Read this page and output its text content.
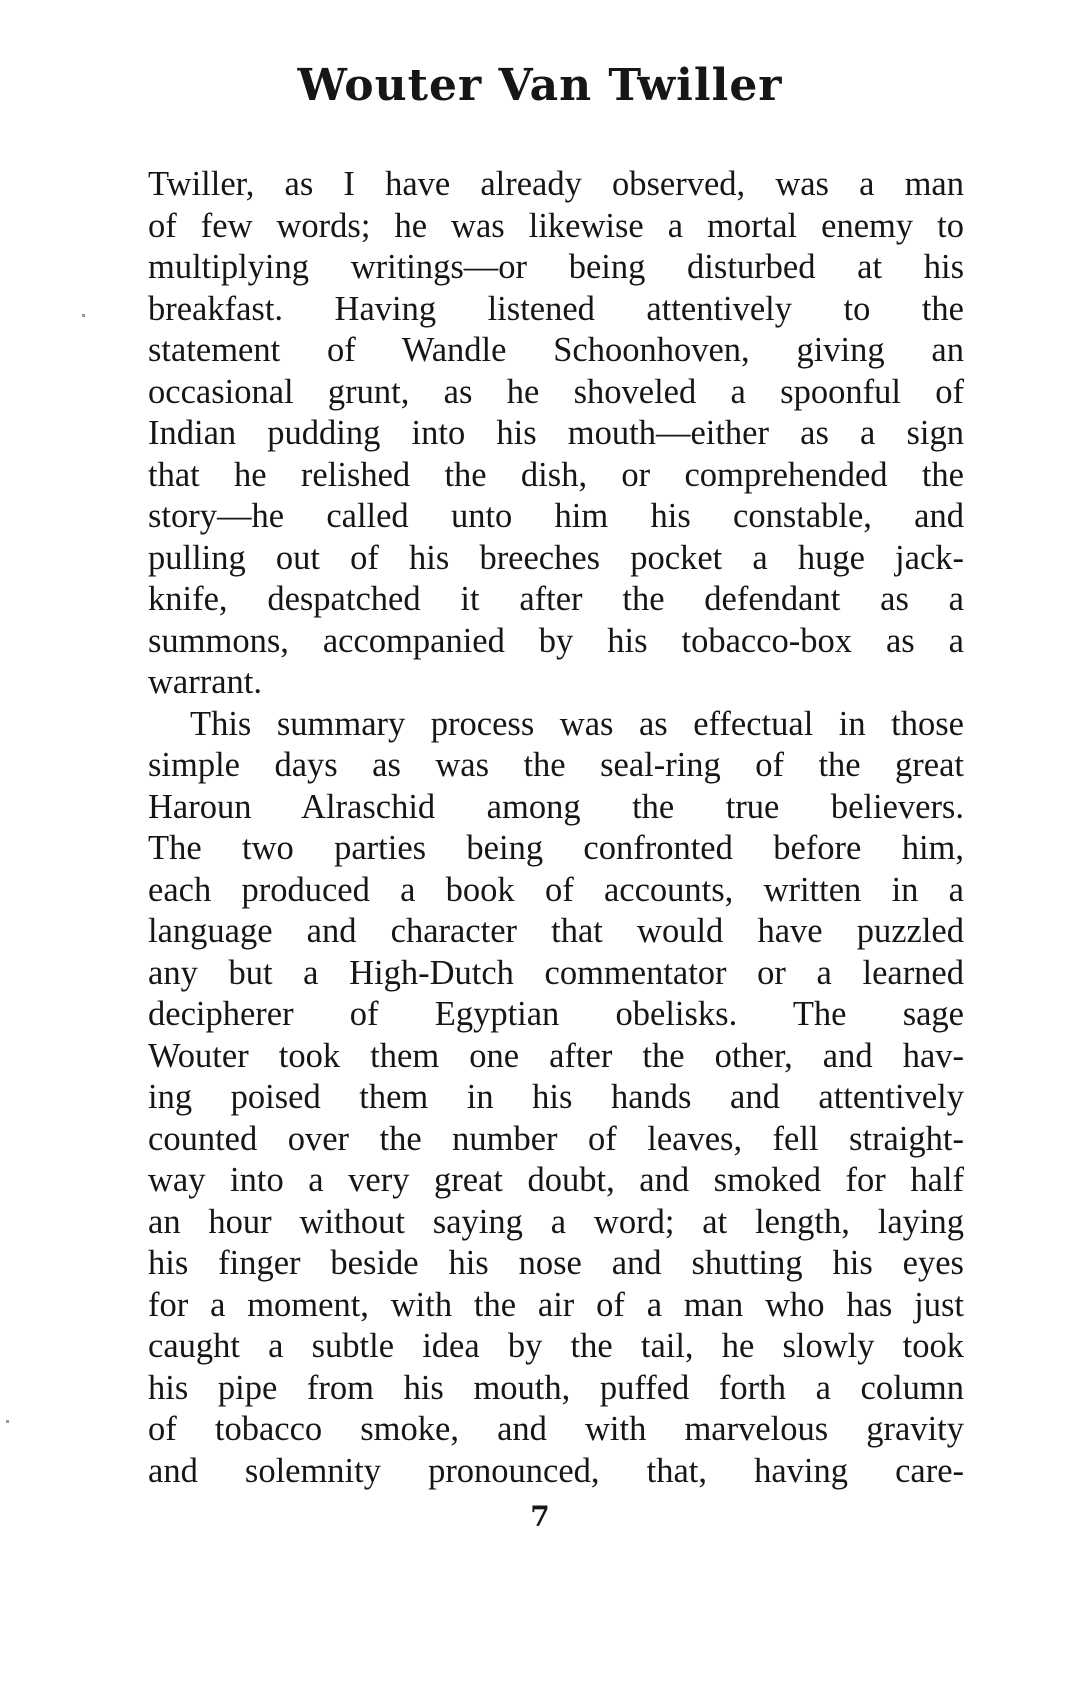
Wouter Van Twiller
Twiller, as I have already observed, was a man
of few words; he was likewise a mortal enemy to
multiplying writings—or being disturbed at his
breakfast. Having listened attentively to the
statement of Wandle Schoonhoven, giving an
occasional grunt, as he shoveled a spoonful of
Indian pudding into his mouth—either as a sign
that he relished the dish, or comprehended the
story—he called unto him his constable, and
pulling out of his breeches pocket a huge jack-
knife, despatched it after the defendant as a
summons, accompanied by his tobacco-box as a
warrant.
This summary process was as effectual in those
simple days as was the seal-ring of the great
Haroun Alraschid among the true believers.
The two parties being confronted before him,
each produced a book of accounts, written in a
language and character that would have puzzled
any but a High-Dutch commentator or a learned
decipherer of Egyptian obelisks. The sage
Wouter took them one after the other, and hav-
ing poised them in his hands and attentively
counted over the number of leaves, fell straight-
way into a very great doubt, and smoked for half
an hour without saying a word; at length, laying
his finger beside his nose and shutting his eyes
for a moment, with the air of a man who has just
caught a subtle idea by the tail, he slowly took
his pipe from his mouth, puffed forth a column
of tobacco smoke, and with marvelous gravity
and solemnity pronounced, that, having care-
7
